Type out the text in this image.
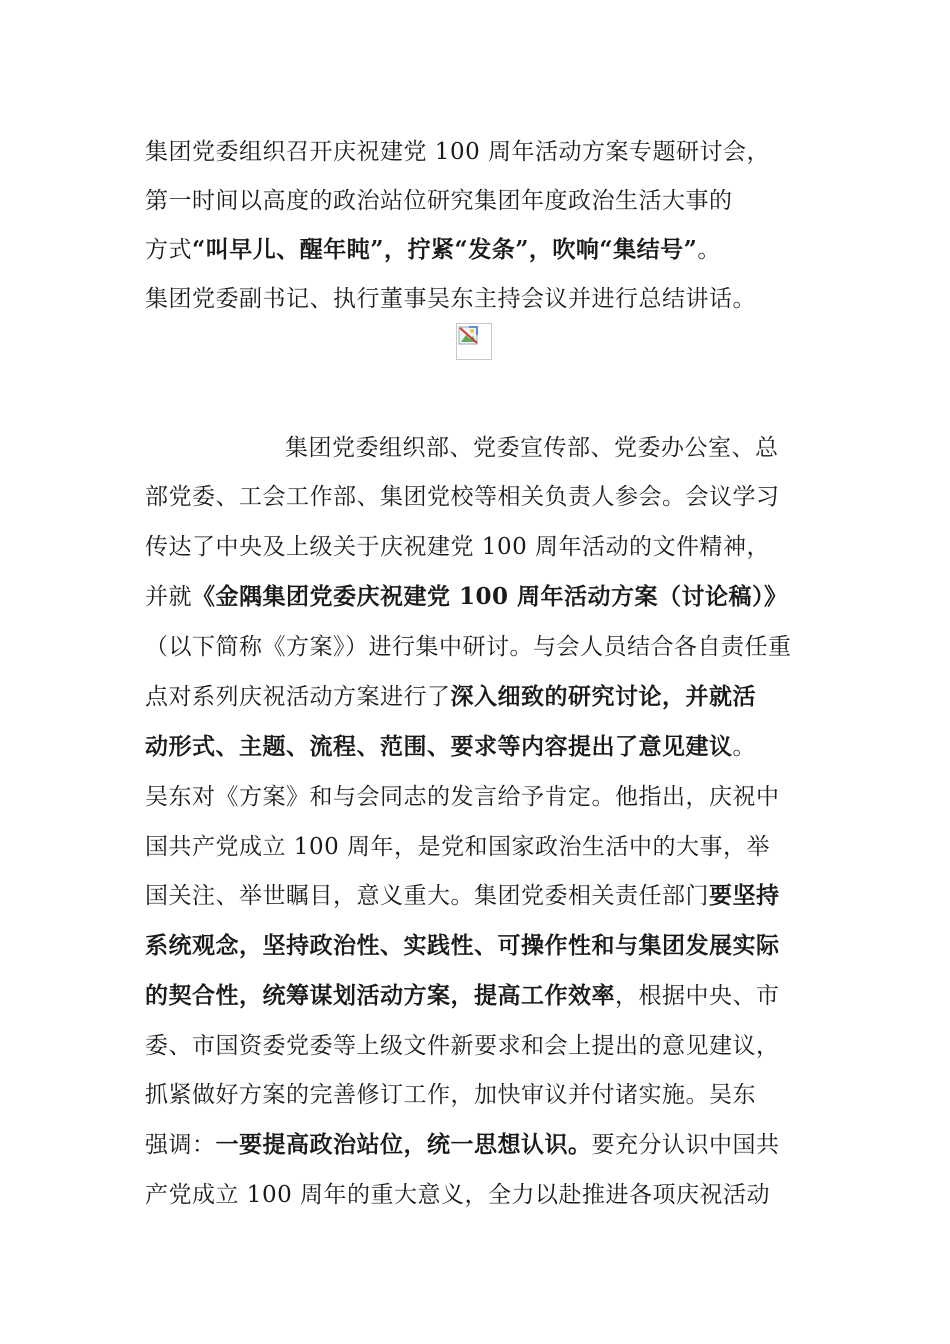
集团党委组织召开庆祝建党 100 周年活动方案专题研讨会，
第一时间以高度的政治站位研究集团年度政治生活大事的
方式“叫早儿、醒年盹”，拧紧“发条”，吹响“集结号”。
集团党委副书记、执行董事吴东主持会议并进行总结讲话。
集团党委组织部、党委宣传部、党委办公室、总
部党委、工会工作部、集团党校等相关负责人参会。会议学习
传达了中央及上级关于庆祝建党 100 周年活动的文件精神，
并就《金隅集团党委庆祝建党 100 周年活动方案（讨论稿）》
（以下简称《方案》）进行集中研讨。与会人员结合各自责任重
点对系列庆祝活动方案进行了深入细致的研究讨论，并就活
动形式、主题、流程、范围、要求等内容提出了意见建议。
吴东对《方案》和与会同志的发言给予肯定。他指出，庆祝中
国共产党成立 100 周年，是党和国家政治生活中的大事，举
国关注、举世瞩目，意义重大。集团党委相关责任部门要坚持
系统观念，坚持政治性、实践性、可操作性和与集团发展实际
的契合性，统筹谋划活动方案，提高工作效率，根据中央、市
委、市国资委党委等上级文件新要求和会上提出的意见建议，
抓紧做好方案的完善修订工作，加快审议并付诸实施。吴东
强调：一要提高政治站位，统一思想认识。要充分认识中国共
产党成立 100 周年的重大意义，全力以赴推进各项庆祝活动
